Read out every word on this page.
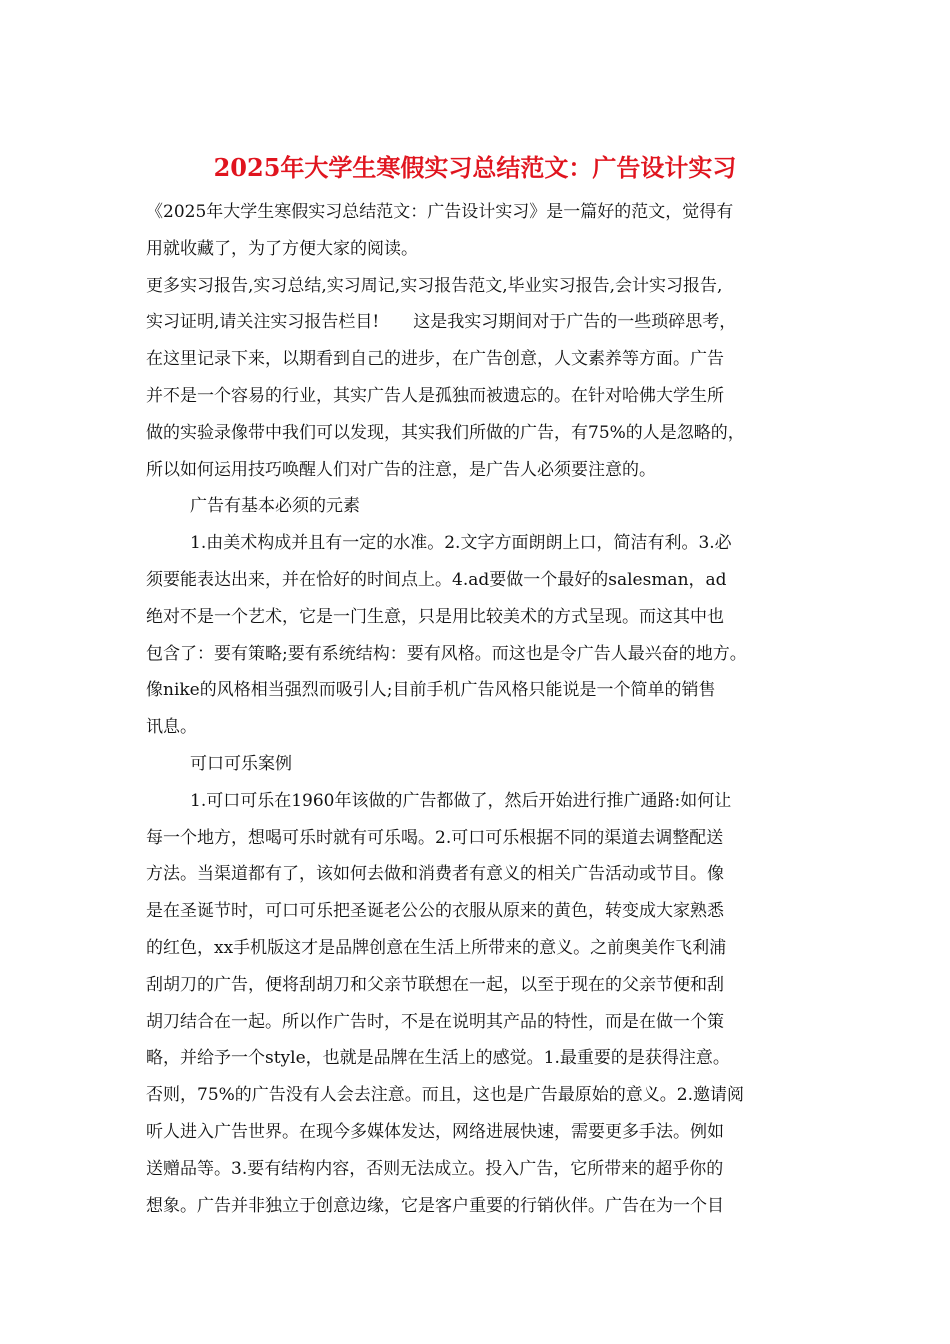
2025年大学生寒假实习总结范文：广告设计实习
《2025年大学生寒假实习总结范文：广告设计实习》是一篇好的范文，觉得有
用就收藏了，为了方便大家的阅读。
更多实习报告,实习总结,实习周记,实习报告范文,毕业实习报告,会计实习报告,
实习证明,请关注实习报告栏目!　　这是我实习期间对于广告的一些琐碎思考，
在这里记录下来，以期看到自己的进步，在广告创意，人文素养等方面。广告
并不是一个容易的行业，其实广告人是孤独而被遗忘的。在针对哈佛大学生所
做的实验录像带中我们可以发现，其实我们所做的广告，有75%的人是忽略的，
所以如何运用技巧唤醒人们对广告的注意，是广告人必须要注意的。
广告有基本必须的元素
1.由美术构成并且有一定的水准。2.文字方面朗朗上口，简洁有利。3.必
须要能表达出来，并在恰好的时间点上。4.ad要做一个最好的salesman，ad
绝对不是一个艺术，它是一门生意，只是用比较美术的方式呈现。而这其中也
包含了：要有策略;要有系统结构：要有风格。而这也是令广告人最兴奋的地方。
像nike的风格相当强烈而吸引人;目前手机广告风格只能说是一个简单的销售
讯息。
可口可乐案例
1.可口可乐在1960年该做的广告都做了，然后开始进行推广通路:如何让
每一个地方，想喝可乐时就有可乐喝。2.可口可乐根据不同的渠道去调整配送
方法。当渠道都有了，该如何去做和消费者有意义的相关广告活动或节目。像
是在圣诞节时，可口可乐把圣诞老公公的衣服从原来的黄色，转变成大家熟悉
的红色，xx手机版这才是品牌创意在生活上所带来的意义。之前奥美作飞利浦
刮胡刀的广告，便将刮胡刀和父亲节联想在一起，以至于现在的父亲节便和刮
胡刀结合在一起。所以作广告时，不是在说明其产品的特性，而是在做一个策
略，并给予一个style，也就是品牌在生活上的感觉。1.最重要的是获得注意。
否则，75%的广告没有人会去注意。而且，这也是广告最原始的意义。2.邀请阅
听人进入广告世界。在现今多媒体发达，网络进展快速，需要更多手法。例如
送赠品等。3.要有结构内容，否则无法成立。投入广告，它所带来的超乎你的
想象。广告并非独立于创意边缘，它是客户重要的行销伙伴。广告在为一个目
